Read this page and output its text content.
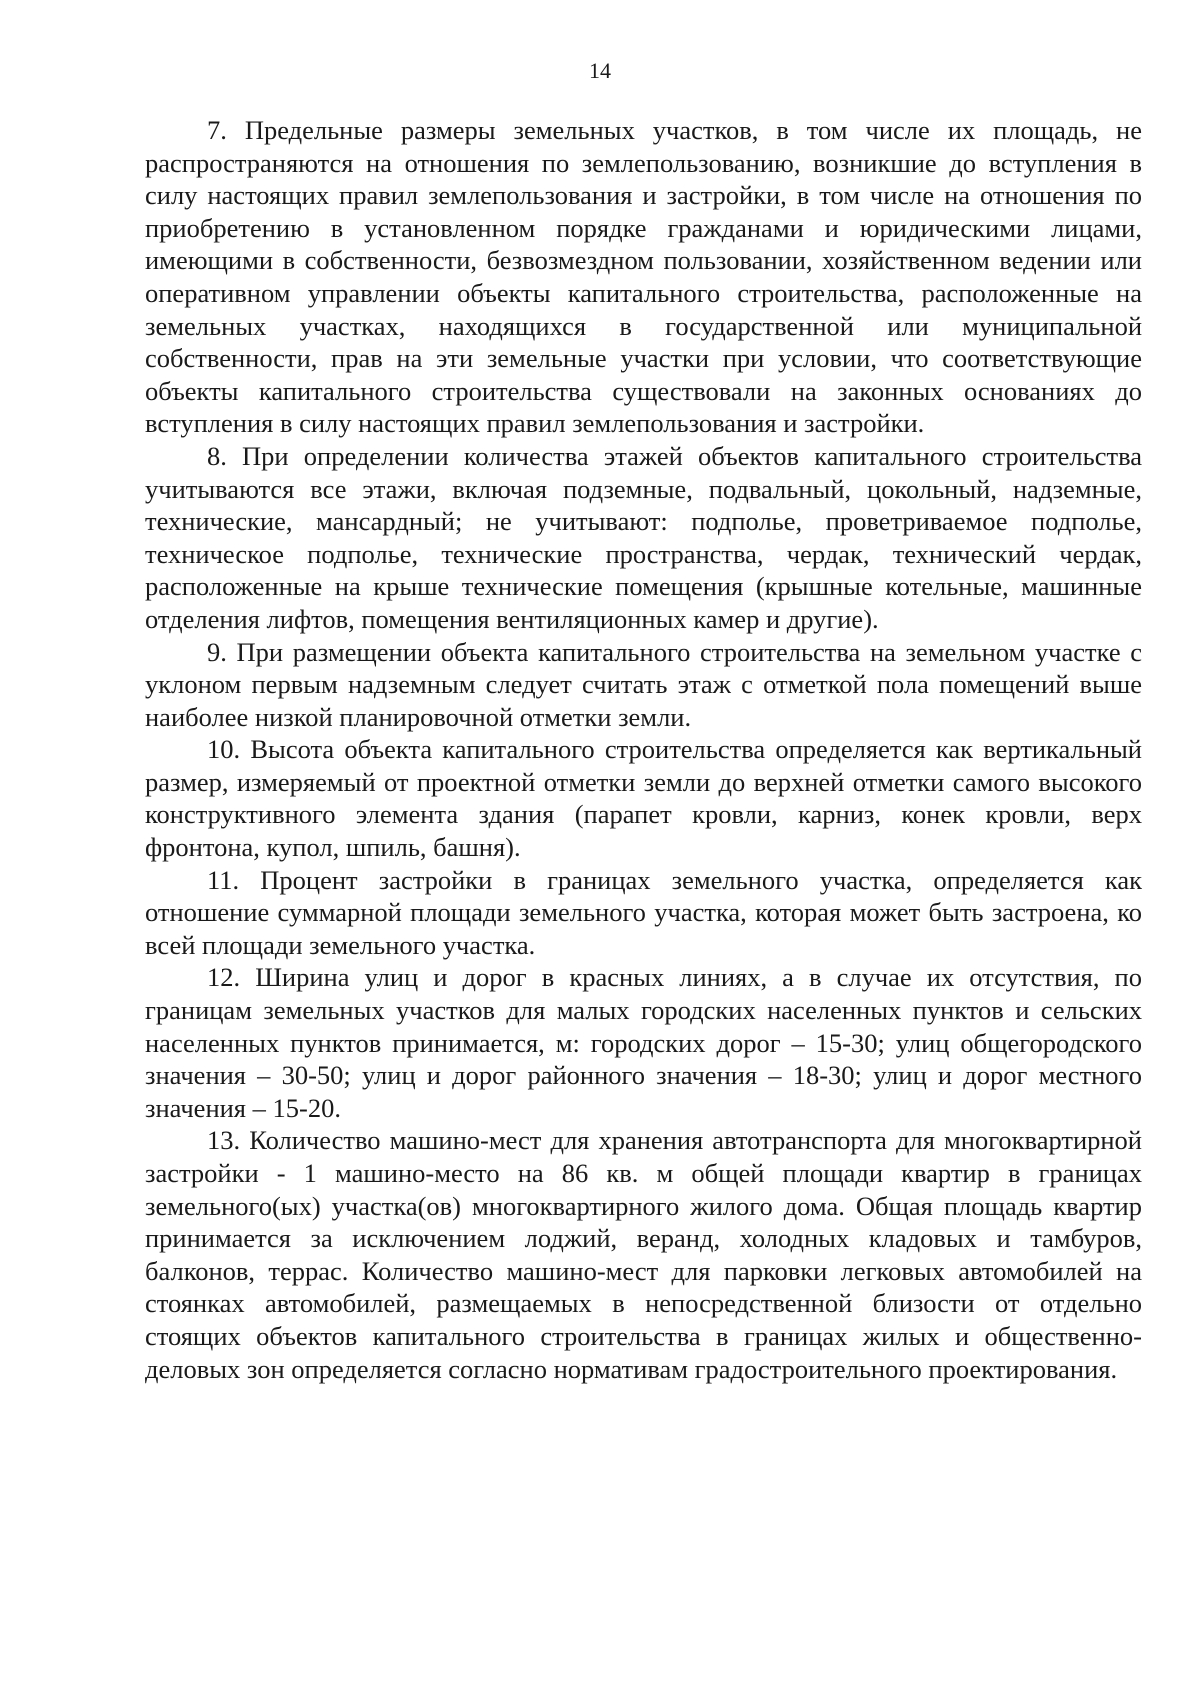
14

7. Предельные размеры земельных участков, в том числе их площадь, не распространяются на отношения по землепользованию, возникшие до вступления в силу настоящих правил землепользования и застройки, в том числе на отношения по приобретению в установленном порядке гражданами и юридическими лицами, имеющими в собственности, безвозмездном пользовании, хозяйственном ведении или оперативном управлении объекты капитального строительства, расположенные на земельных участках, находящихся в государственной или муниципальной собственности, прав на эти земельные участки при условии, что соответствующие объекты капитального строительства существовали на законных основаниях до вступления в силу настоящих правил землепользования и застройки.

8. При определении количества этажей объектов капитального строительства учитываются все этажи, включая подземные, подвальный, цокольный, надземные, технические, мансардный; не учитывают: подполье, проветриваемое подполье, техническое подполье, технические пространства, чердак, технический чердак, расположенные на крыше технические помещения (крышные котельные, машинные отделения лифтов, помещения вентиляционных камер и другие).

9. При размещении объекта капитального строительства на земельном участке с уклоном первым надземным следует считать этаж с отметкой пола помещений выше наиболее низкой планировочной отметки земли.

10. Высота объекта капитального строительства определяется как вертикальный размер, измеряемый от проектной отметки земли до верхней отметки самого высокого конструктивного элемента здания (парапет кровли, карниз, конек кровли, верх фронтона, купол, шпиль, башня).

11. Процент застройки в границах земельного участка, определяется как отношение суммарной площади земельного участка, которая может быть застроена, ко всей площади земельного участка.

12. Ширина улиц и дорог в красных линиях, а в случае их отсутствия, по границам земельных участков для малых городских населенных пунктов и сельских населенных пунктов принимается, м: городских дорог – 15-30; улиц общегородского значения – 30-50; улиц и дорог районного значения – 18-30; улиц и дорог местного значения – 15-20.

13. Количество машино-мест для хранения автотранспорта для многоквартирной застройки - 1 машино-место на 86 кв. м общей площади квартир в границах земельного(ых) участка(ов) многоквартирного жилого дома. Общая площадь квартир принимается за исключением лоджий, веранд, холодных кладовых и тамбуров, балконов, террас. Количество машино-мест для парковки легковых автомобилей на стоянках автомобилей, размещаемых в непосредственной близости от отдельно стоящих объектов капитального строительства в границах жилых и общественно-деловых зон определяется согласно нормативам градостроительного проектирования.
